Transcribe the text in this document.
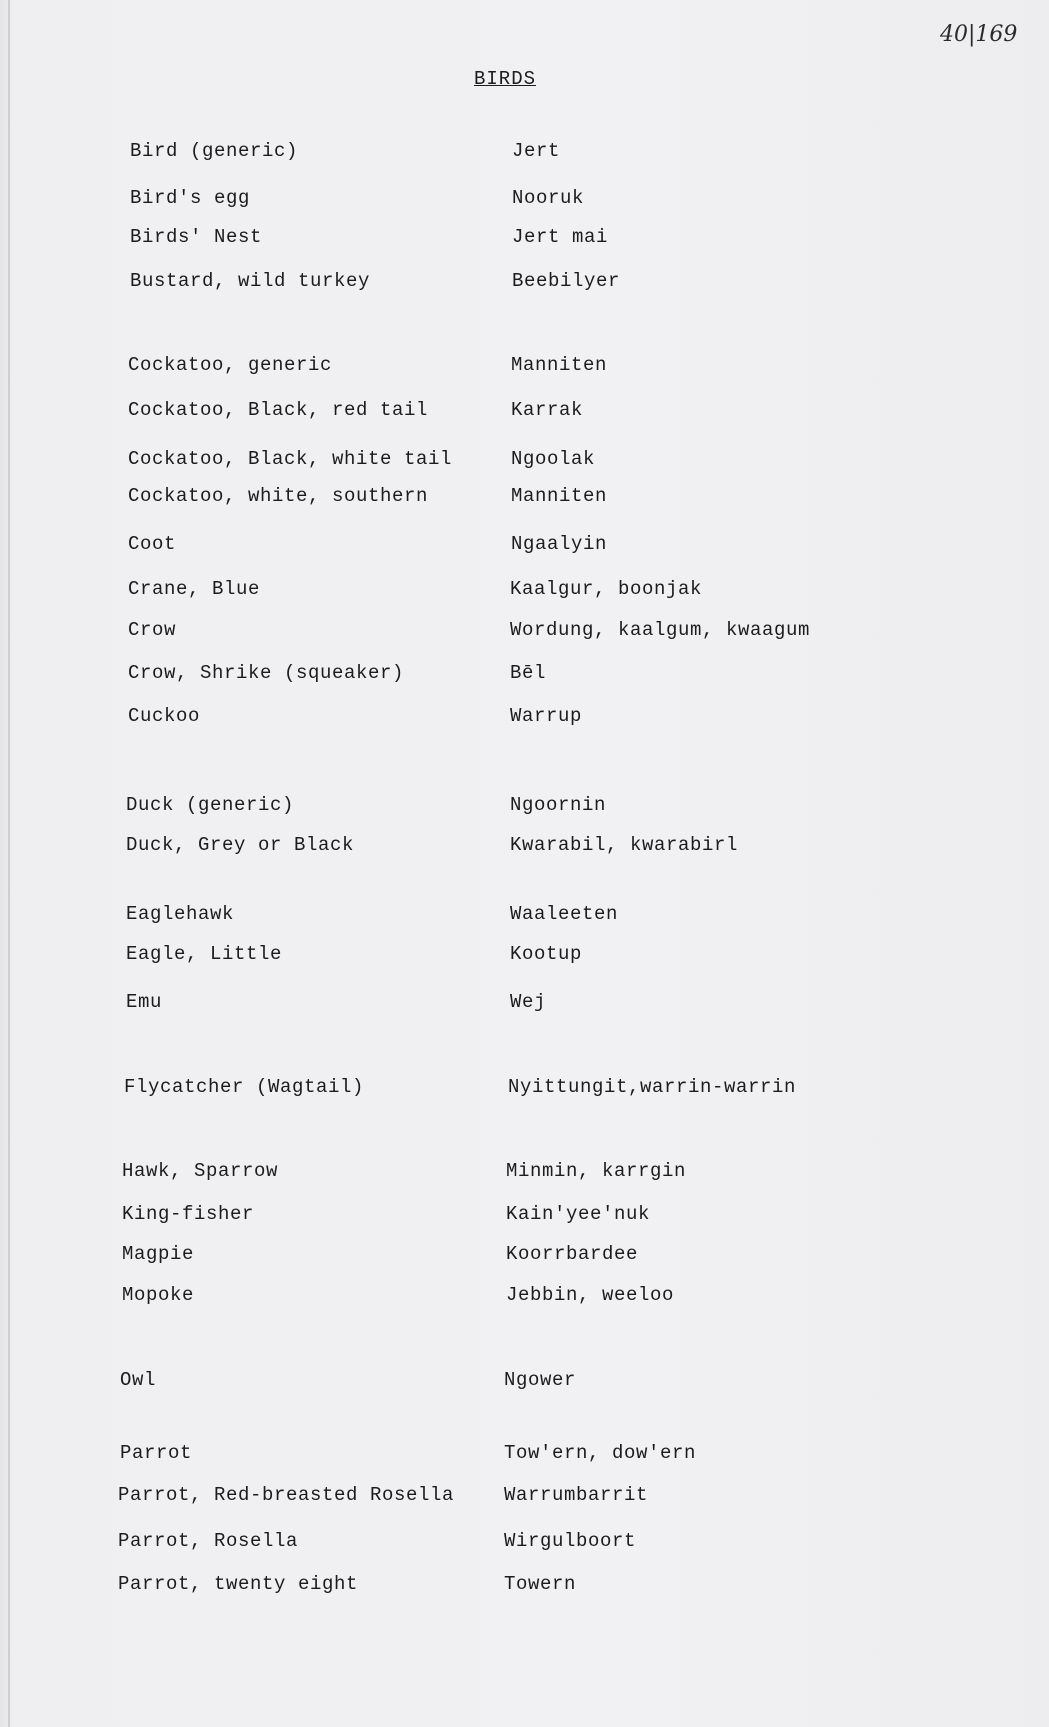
40|169
BIRDS
Bird (generic)	Jert
Bird's egg	Nooruk
Birds' Nest	Jert mai
Bustard, wild turkey	Beebilyer
Cockatoo, generic	Manniten
Cockatoo, Black, red tail	Karrak
Cockatoo, Black, white tail	Ngoolak
Cockatoo, white, southern	Manniten
Coot	Ngaalyin
Crane, Blue	Kaalgur, boonjak
Crow	Wordung, kaalgum, kwaagum
Crow, Shrike (squeaker)	Bēl
Cuckoo	Warrup
Duck (generic)	Ngoornin
Duck, Grey or Black	Kwarabil, kwarabirl
Eaglehawk	Waaleeten
Eagle, Little	Kootup
Emu	Wej
Flycatcher (Wagtail)	Nyittungit,warrin-warrin
Hawk, Sparrow	Minmin, karrgin
King-fisher	Kain'yee'nuk
Magpie	Koorrbardee
Mopoke	Jebbin, weeloo
Owl	Ngower
Parrot	Tow'ern, dow'ern
Parrot, Red-breasted Rosella	Warrumbarrit
Parrot, Rosella	Wirgulboort
Parrot, twenty eight	Towern
